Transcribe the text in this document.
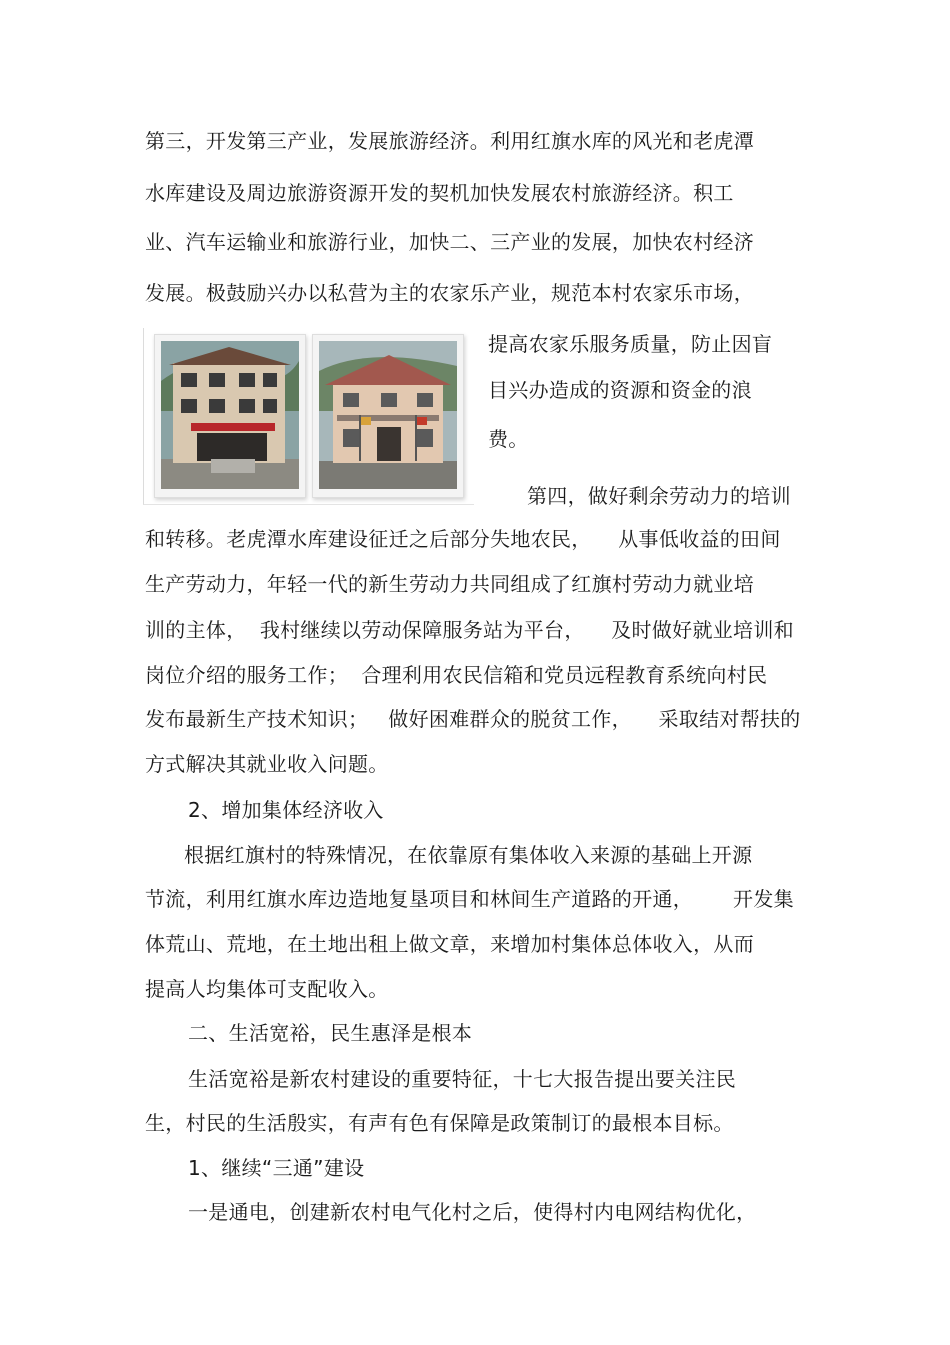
第三，开发第三产业，发展旅游经济。利用红旗水库的风光和老虎潭
水库建设及周边旅游资源开发的契机加快发展农村旅游经济。积工
业、汽车运输业和旅游行业，加快二、三产业的发展，加快农村经济
发展。极鼓励兴办以私营为主的农家乐产业，规范本村农家乐市场，
提高农家乐服务质量，防止因盲
目兴办造成的资源和资金的浪
费。
第四，做好剩余劳动力的培训
和转移。老虎潭水库建设征迁之后部分失地农民，    从事低收益的田间
生产劳动力，年轻一代的新生劳动力共同组成了红旗村劳动力就业培
训的主体，  我村继续以劳动保障服务站为平台，    及时做好就业培训和
岗位介绍的服务工作；  合理利用农民信箱和党员远程教育系统向村民
发布最新生产技术知识；   做好困难群众的脱贫工作，    采取结对帮扶的
方式解决其就业收入问题。
2、增加集体经济收入
根据红旗村的特殊情况，在依靠原有集体收入来源的基础上开源
节流，利用红旗水库边造地复垦项目和林间生产道路的开通，      开发集
体荒山、荒地，在土地出租上做文章，来增加村集体总体收入，从而
提高人均集体可支配收入。
二、生活宽裕，民生惠泽是根本
生活宽裕是新农村建设的重要特征，十七大报告提出要关注民
生，村民的生活殷实，有声有色有保障是政策制订的最根本目标。
1、继续“三通”建设
一是通电，创建新农村电气化村之后，使得村内电网结构优化，
